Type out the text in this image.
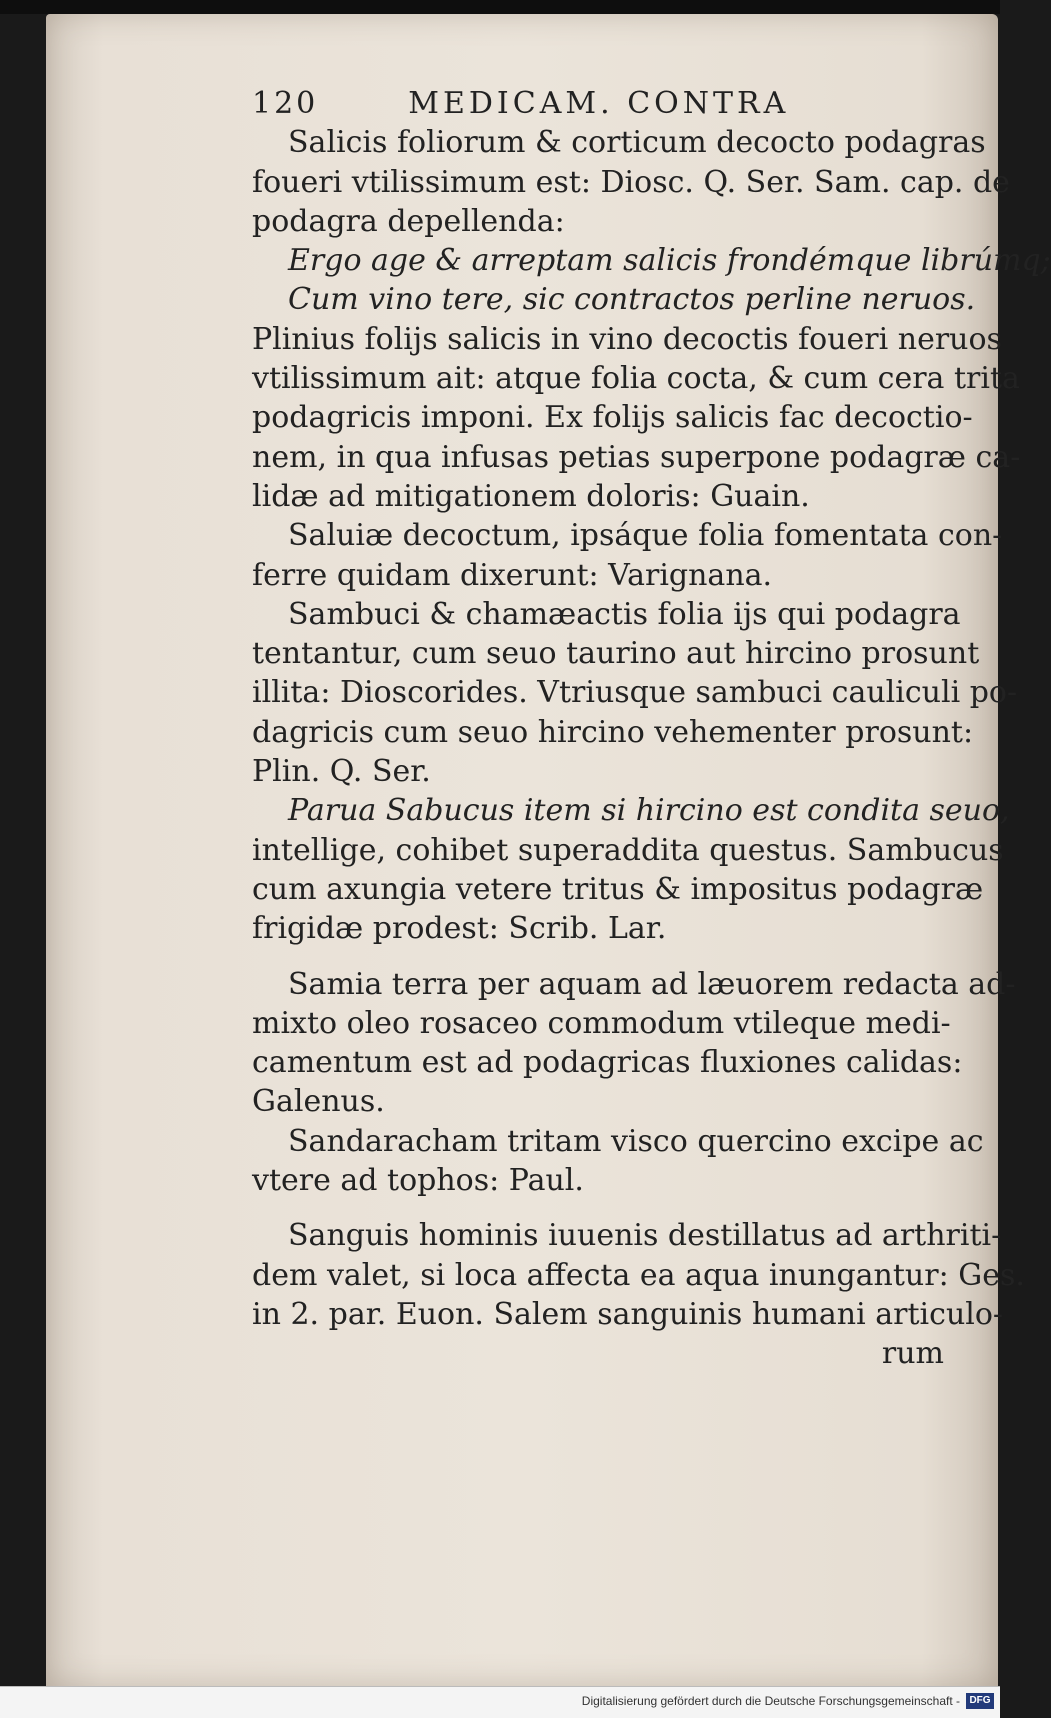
120	MEDICAM. CONTRA
Salicis foliorum & corticum decocto podagras
foueri vtilissimum est: Diosc. Q. Ser. Sam. cap. de
podagra depellenda:
Ergo age & arreptam salicis frondémque librúmq;
Cum vino tere, sic contractos perline neruos.
Plinius folijs salicis in vino decoctis foueri neruos
vtilissimum ait: atque folia cocta, & cum cera trita
podagricis imponi. Ex folijs salicis fac decoctio-
nem, in qua infusas petias superpone podagræ ca-
lidæ ad mitigationem doloris: Guain.
Saluiæ decoctum, ipsáque folia fomentata con-
ferre quidam dixerunt: Varignana.
Sambuci & chamæactis folia ijs qui podagra
tentantur, cum seuo taurino aut hircino prosunt
illita: Dioscorides. Vtriusque sambuci cauliculi po-
dagricis cum seuo hircino vehementer prosunt:
Plin. Q. Ser.
Parua Sabucus item si hircino est condita seuo,
intellige, cohibet superaddita questus. Sambucus
cum axungia vetere tritus & impositus podagræ
frigidæ prodest: Scrib. Lar.
Samia terra per aquam ad læuorem redacta ad-
mixto oleo rosaceo commodum vtileque medi-
camentum est ad podagricas fluxiones calidas:
Galenus.
Sandaracham tritam visco quercino excipe ac
vtere ad tophos: Paul.
Sanguis hominis iuuenis destillatus ad arthriti-
dem valet, si loca affecta ea aqua inungantur: Ges.
in 2. par. Euon. Salem sanguinis humani articulo-
rum
Digitalisierung gefördert durch die Deutsche Forschungsgemeinschaft - DFG
